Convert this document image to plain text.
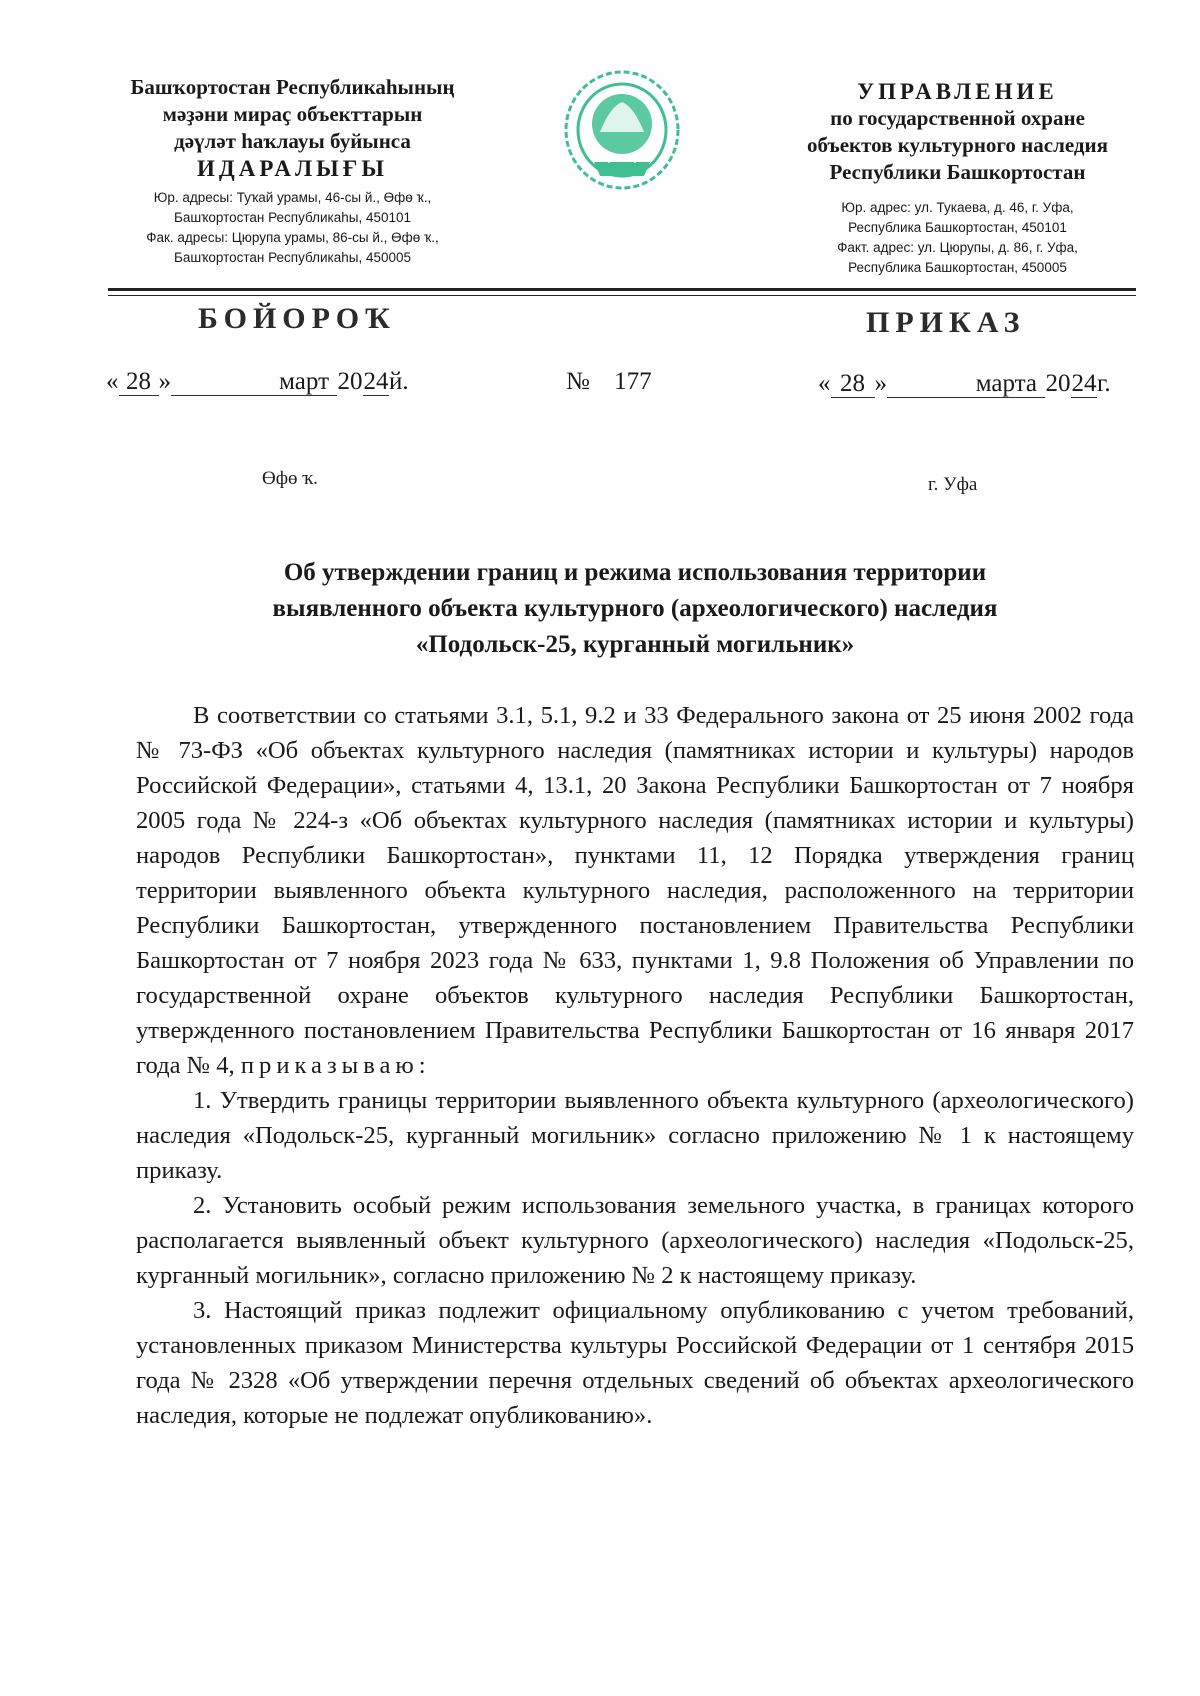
Башҡортостан Республикаһының
мәҙәни мираҫ объекттарын
дәүләт һаҡлауы буйынса
ИДАРАЛЫҒЫ
Юр. адресы: Туҡай урамы, 46-сы й., Өфө ҡ.,
Башҡортостан Республикаһы, 450101
Фак. адресы: Цюрупа урамы, 86-сы й., Өфө ҡ.,
Башҡортостан Республикаһы, 450005
УПРАВЛЕНИЕ
по государственной охране
объектов культурного наследия
Республики Башкортостан
Юр. адрес: ул. Тукаева, д. 46, г. Уфа,
Республика Башкортостан, 450101
Факт. адрес: ул. Цюрупы, д. 86, г. Уфа,
Республика Башкортостан, 450005
БОЙОРОҠ	ПРИКАЗ
« 28 »	март 2024й.	№ 177	« 28 »	марта 2024г.
Өфө ҡ.	г. Уфа
Об утверждении границ и режима использования территории
выявленного объекта культурного (археологического) наследия
«Подольск-25, курганный могильник»

В соответствии со статьями 3.1, 5.1, 9.2 и 33 Федерального закона от 25 июня 2002 года № 73-ФЗ «Об объектах культурного наследия (памятниках истории и культуры) народов Российской Федерации», статьями 4, 13.1, 20 Закона Республики Башкортостан от 7 ноября 2005 года № 224-з «Об объектах культурного наследия (памятниках истории и культуры) народов Республики Башкортостан», пунктами 11, 12 Порядка утверждения границ территории выявленного объекта культурного наследия, расположенного на территории Республики Башкортостан, утвержденного постановлением Правительства Республики Башкортостан от 7 ноября 2023 года № 633, пунктами 1, 9.8 Положения об Управлении по государственной охране объектов культурного наследия Республики Башкортостан, утвержденного постановлением Правительства Республики Башкортостан от 16 января 2017 года № 4, приказываю:

1. Утвердить границы территории выявленного объекта культурного (археологического) наследия «Подольск-25, курганный могильник» согласно приложению № 1 к настоящему приказу.

2. Установить особый режим использования земельного участка, в границах которого располагается выявленный объект культурного (археологического) наследия «Подольск-25, курганный могильник», согласно приложению № 2 к настоящему приказу.

3. Настоящий приказ подлежит официальному опубликованию с учетом требований, установленных приказом Министерства культуры Российской Федерации от 1 сентября 2015 года № 2328 «Об утверждении перечня отдельных сведений об объектах археологического наследия, которые не подлежат опубликованию».
